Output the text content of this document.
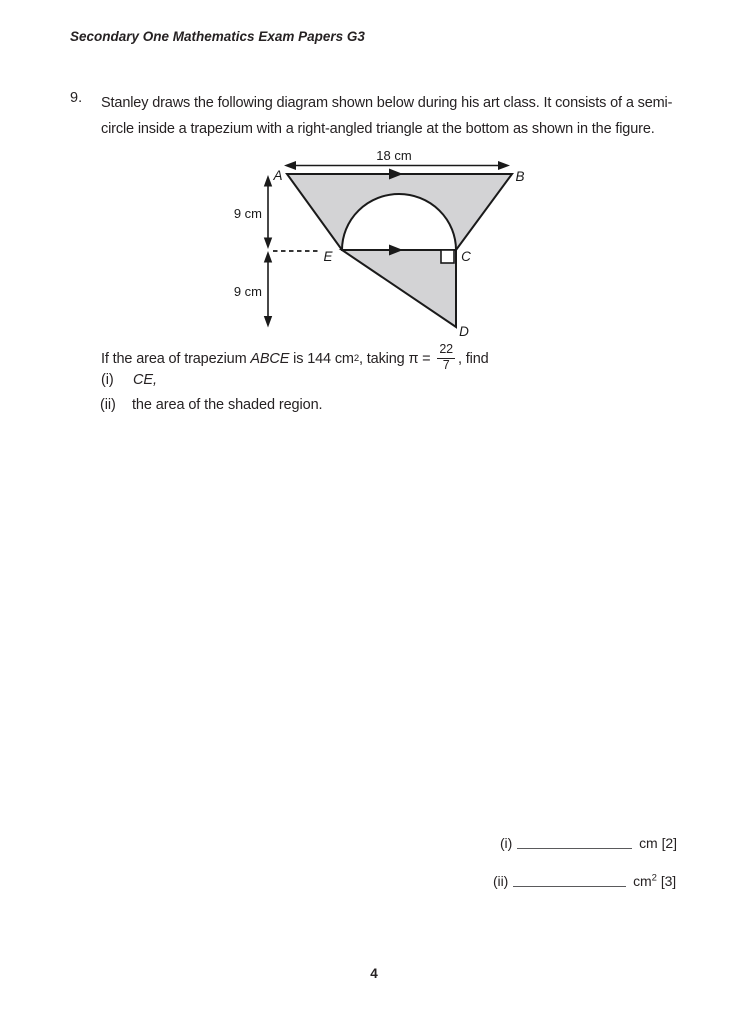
Secondary One Mathematics Exam Papers G3
9. Stanley draws the following diagram shown below during his art class. It consists of a semi-
circle inside a trapezium with a right-angled triangle at the bottom as shown in the figure.
18 cm
9 cm
9 cm
A	B
E	C
D
If the area of trapezium ABCE is 144 cm 2 , taking $\pi = \frac{22}{7}$ , find
(i) CE,
(ii) the area of the shaded region.
(i)	cm [2]
(ii)	$cm^2$ [3]
4
